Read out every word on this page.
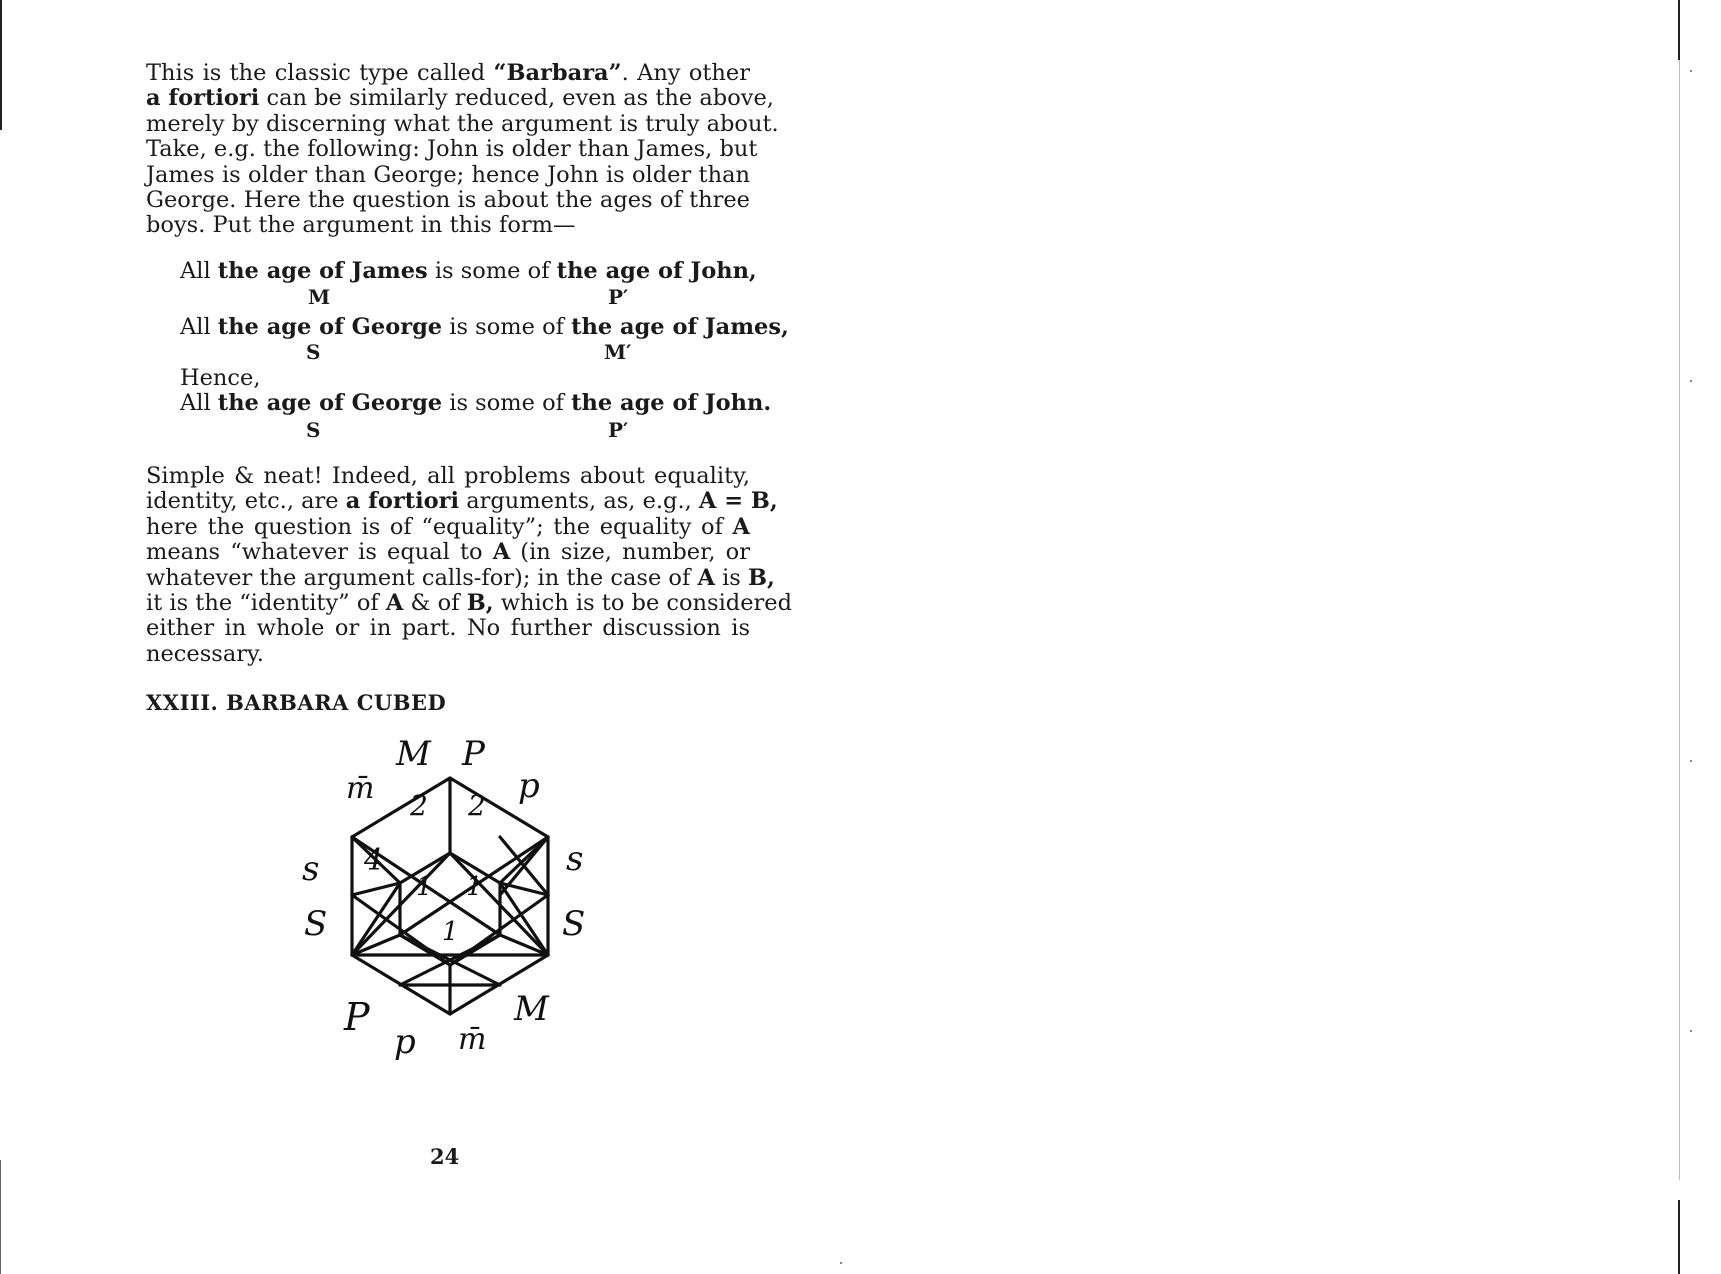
This is the classic type called “Barbara”. Any other
a fortiori can be similarly reduced, even as the above,
merely by discerning what the argument is truly about.
Take, e.g. the following: John is older than James, but
James is older than George; hence John is older than
George. Here the question is about the ages of three
boys. Put the argument in this form—
All the age of James is some of the age of John,
M	P′
All the age of George is some of the age of James,
S	M′
Hence,
All the age of George is some of the age of John.
S	P′
Simple & neat! Indeed, all problems about equality,
identity, etc., are a fortiori arguments, as, e.g., A = B,
here the question is of “equality”; the equality of A
means “whatever is equal to A (in size, number, or
whatever the argument calls-for); in the case of A is B,
it is the “identity” of A & of B, which is to be considered
either in whole or in part. No further discussion is
necessary.
XXIII. BARBARA CUBED
4
2 2
1 1
1
M P
m̄	p
s
S
s
S
P
p m̄
M
24
